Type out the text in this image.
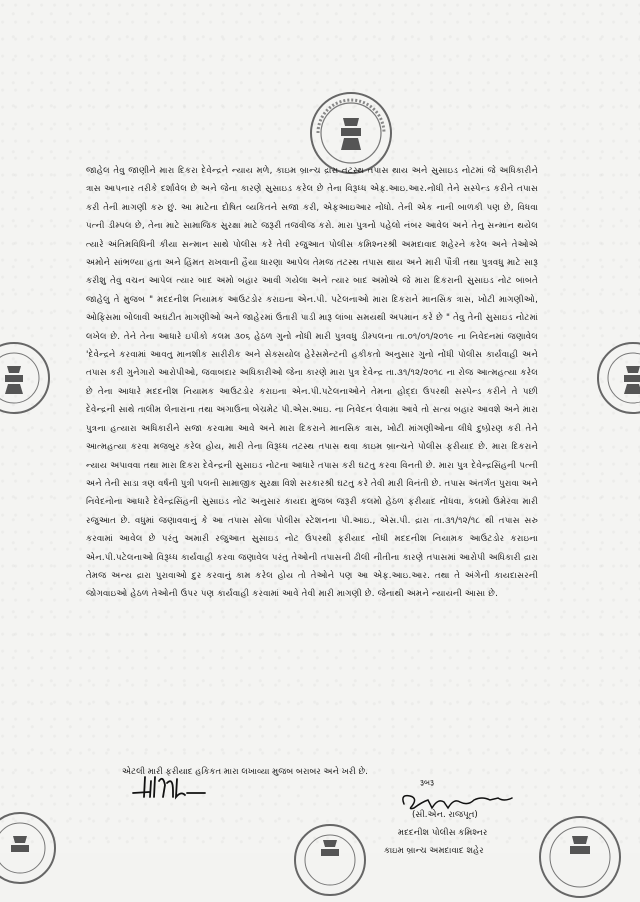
જાહેલ તેવુ જાણીને મારા દિકરા દેવેન્દ્રને ન્યાય મળે, કાઇમ બ્રાન્ચ દ્રારા તટસ્થ તપાસ થાય અને સુસાઇડ નોટમાં જે અધિકારીને ત્રાસ આપનાર તરીકે દર્શાવેલ છે અને જેના કારણે સુસાઇડ કરેલ છે તેના વિરૂધ્ધ એફ.આઇ.આર.નોંધી તેને સસ્પેન્ડ કરીને તપાસ કરી તેની માગણી કરુ છું. આ માટેના દોષિત વ્યકિતને સજા કરી, એફઆઇઆર નોંધો. તેની એક નાની બાળકી પણ છે, વિધવા પત્ની ડીમ્પલ છે, તેના માટે સામાજિક સુરક્ષા માટે જરૂરી તજવીજ કરો. મારા પુત્રનો પહેલો નંબર આવેલ અને તેનુ સન્માન થયેલ ત્યારે અંતિમવિધિની કીયા સન્માન સાથે પોલીસ કરે તેવી રજુઆત પોલીસ કમિશ્નરશ્રી અમદાવાદ શહેરને કરેલ અને તેઓએ અમોને સાંભળ્યા હતા અને હિંમત રાખવાની હૈયા ધારણા આપેલ તેમજ તટસ્થ તપાસ થાય અને મારી પૌત્રી તથા પુત્રવધુ માટે સારૂ કરીશુ તેવુ વચન આપેલ ત્યાર બાદ અમો બહાર આવી ગયેલા અને ત્યાર બાદ અમોએ જે મારા દિકરાની સુસાઇડ નોટ બાબતે જાહેલુ તે મુજબ " મદદનીશ નિયામક આઉટડોર કરાઇના એન.પી. પટેલનાઓ મારા દિકરાને માનસિક ત્રાસ, ખોટી માગણીઓ, ઓફિસમા બોલાવી અઘટીત માગણીઓ અને જાહેરમાં ઉતારી પાડી મારૂ લાંબા સમયથી અપમાન કરે છે " તેવુ તેની સુસાઇડ નોટમાં લખેલ છે. તેને તેના આધારે ઇપીકો કલમ ૩૦૬ હેઠળ ગુનો નોંધી મારી પુત્રવધુ ડીમ્પલના તા.૦૧/૦૧/૨૦૧૯ ના નિવેદનમાં જણાવેલ 'દેવેન્દ્રને કરવામાં આવતુ માનશીક સારીરીક અને સેક્સયોલ હેરેસમેન્ટની હકીકતો અનુસાર ગુનો નોંધી પોલીસ કાર્યવાહી અને તપાસ કરી ગુનેગારો આરોપીઓ, જવાબદાર અધિકારીઓ જેના કારણે મારા પુત્ર દેવેન્દ્ર તા.૩૧/૧૨/૨૦૧૮ ના રોજ આત્મહત્યા કરેલ છે તેના આધારે મદદનીશ નિયામક આઉટડોર કરાઇના એન.પી.પટેલનાઓને તેમના હોદ્દા ઉપરથી સસ્પેન્ડ કરીને તે પછી દેવેન્દ્રની સાથે તાલીમ લેનારાના તથા અગાઉના બેચમેટ પી.એસ.આઇ. ના નિવેદન લેવામા આવે તો સત્ય બહાર આવશે અને મારા પુત્રના હત્યારા અધિકારીને સજા કરવામા આવે અને મારા દિકરાને માનસિક ત્રાસ, ખોટી માંગણીઓના લીધે દુષ્પ્રેરણ કરી તેને આત્મહત્યા કરવા મજબુર કરેલ હોય, મારી તેના વિરૂધ્ધ તટસ્થ તપાસ થવા કાઇમ બ્રાન્ચને પોલીસ ફરીયાદ છે. મારા દિકરાને ન્યાય અપાવવા તથા મારા દિકરા દેવેન્દ્રની સુસાઇડ નોટના આધારે તપાસ કરી ઘટતુ કરવા વિનતી છે. મારા પુત્ર દેવેન્દ્રસિંહની પત્ની અને તેની સાડા ત્રણ વર્ષની પુત્રી પલની સામાજીક સુરક્ષા વિશે સરકારશ્રી ઘટતુ કરે તેવી મારી વિનંતી છે. તપાસ અંતર્ગત પુરાવા અને નિવેદનોના આધારે દેવેન્દ્રસિંહની સુસાઇડ નોટ અનુસાર કાયદા મુજબ જરૂરી કલમો હેઠળ ફરીયાદ નોંધવા, કલમો ઉમેરવા મારી રજુઆત છે. વધુમાં જણાવવાનું કે આ તપાસ સોલા પોલીસ સ્ટેશનના પી.આઇ., એસ.પી. દ્રારા તા.૩૧/૧૨/૧૮ થી તપાસ સરુ કરવામાં આવેલ છે પરંતુ અમારી રજુઆત સુસાઇડ નોટ ઉપરથી ફરીયાદ નોંધી મદદનીશ નિયામક આઉટડોર કરાઇના એન.પી.પટેલનાઓ વિરૂધ્ધ કાર્યવાહી કરવા જણાવેલ પરંતુ તેઓની તપાસની ઢીલી નીતીના કારણે તપાસમાં આરોપી અધિકારી દ્રારા તેમજ અન્ય દ્રારા પુરાવાઓ દુર કરવાનું કામ કરેલ હોય તો તેઓને પણ આ એફ.આઇ.આર. તથા તે અંગેની કાયદાસરની જોગવાઇઓ હેઠળ તેઓની ઉપર પણ કાર્યવાહી કરવામાં આવે તેવી મારી માગણી છે. જેનાથી અમને ન્યાયની આસા છે.

એટલી મારી ફરીયાદ હકિકત મારા લખાવ્યા મુજબ બરાબર અને ખરી છે.
રૂબરૂ
(સી.એન. રાજપૂત)
મદદનીશ પોલીસ કમિશ્નર
કાઇમ બ્રાન્ચ અમદાવાદ શહેર
